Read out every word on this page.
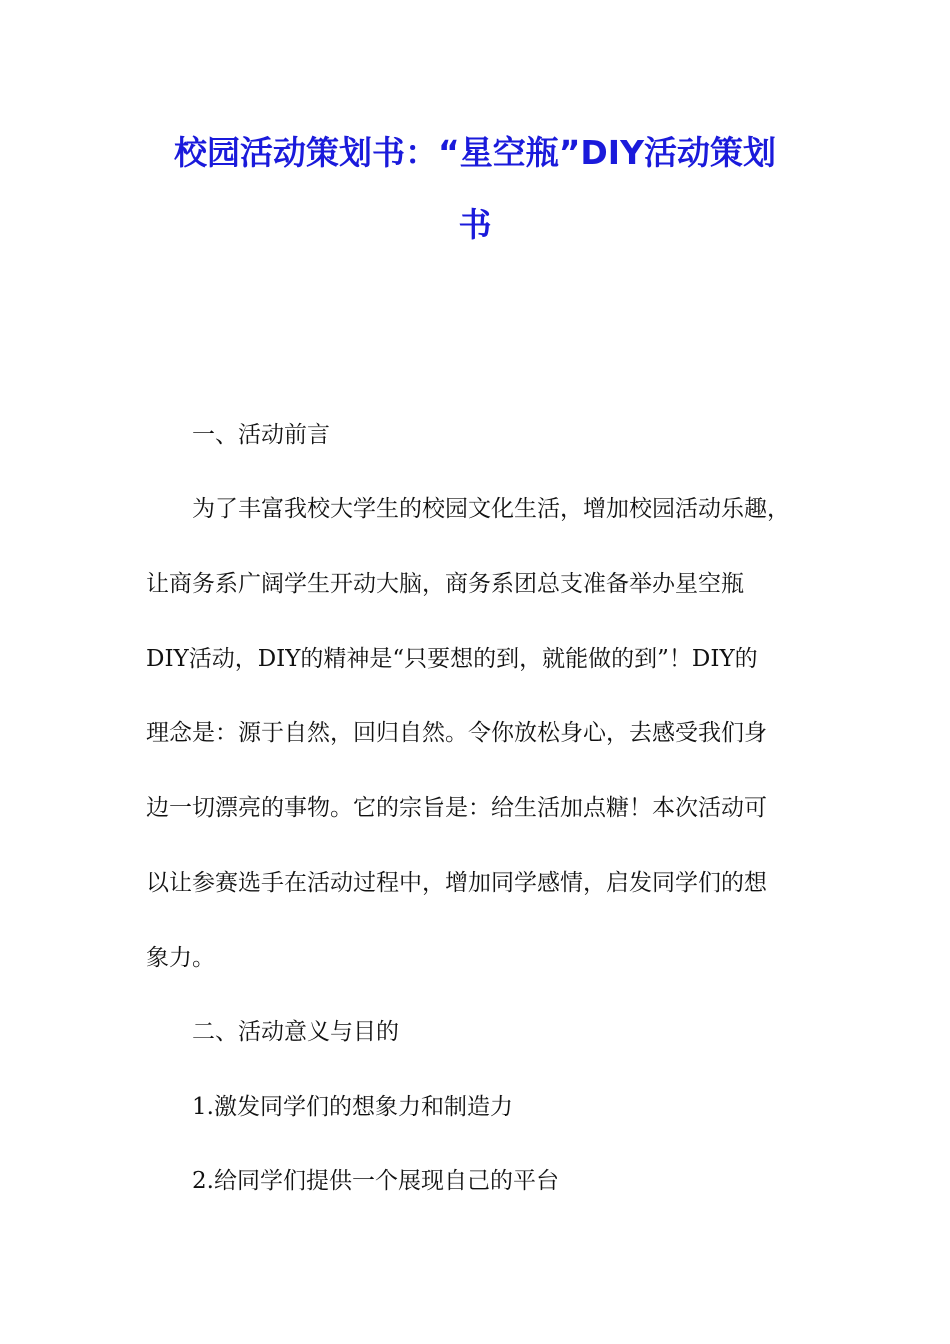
校园活动策划书：“星空瓶”DIY活动策划
书

一、活动前言

为了丰富我校大学生的校园文化生活，增加校园活动乐趣，

让商务系广阔学生开动大脑，商务系团总支准备举办星空瓶

DIY活动，DIY的精神是“只要想的到，就能做的到”！DIY的

理念是：源于自然，回归自然。令你放松身心，去感受我们身

边一切漂亮的事物。它的宗旨是：给生活加点糖！本次活动可

以让参赛选手在活动过程中，增加同学感情，启发同学们的想

象力。

二、活动意义与目的

1.激发同学们的想象力和制造力

2.给同学们提供一个展现自己的平台
